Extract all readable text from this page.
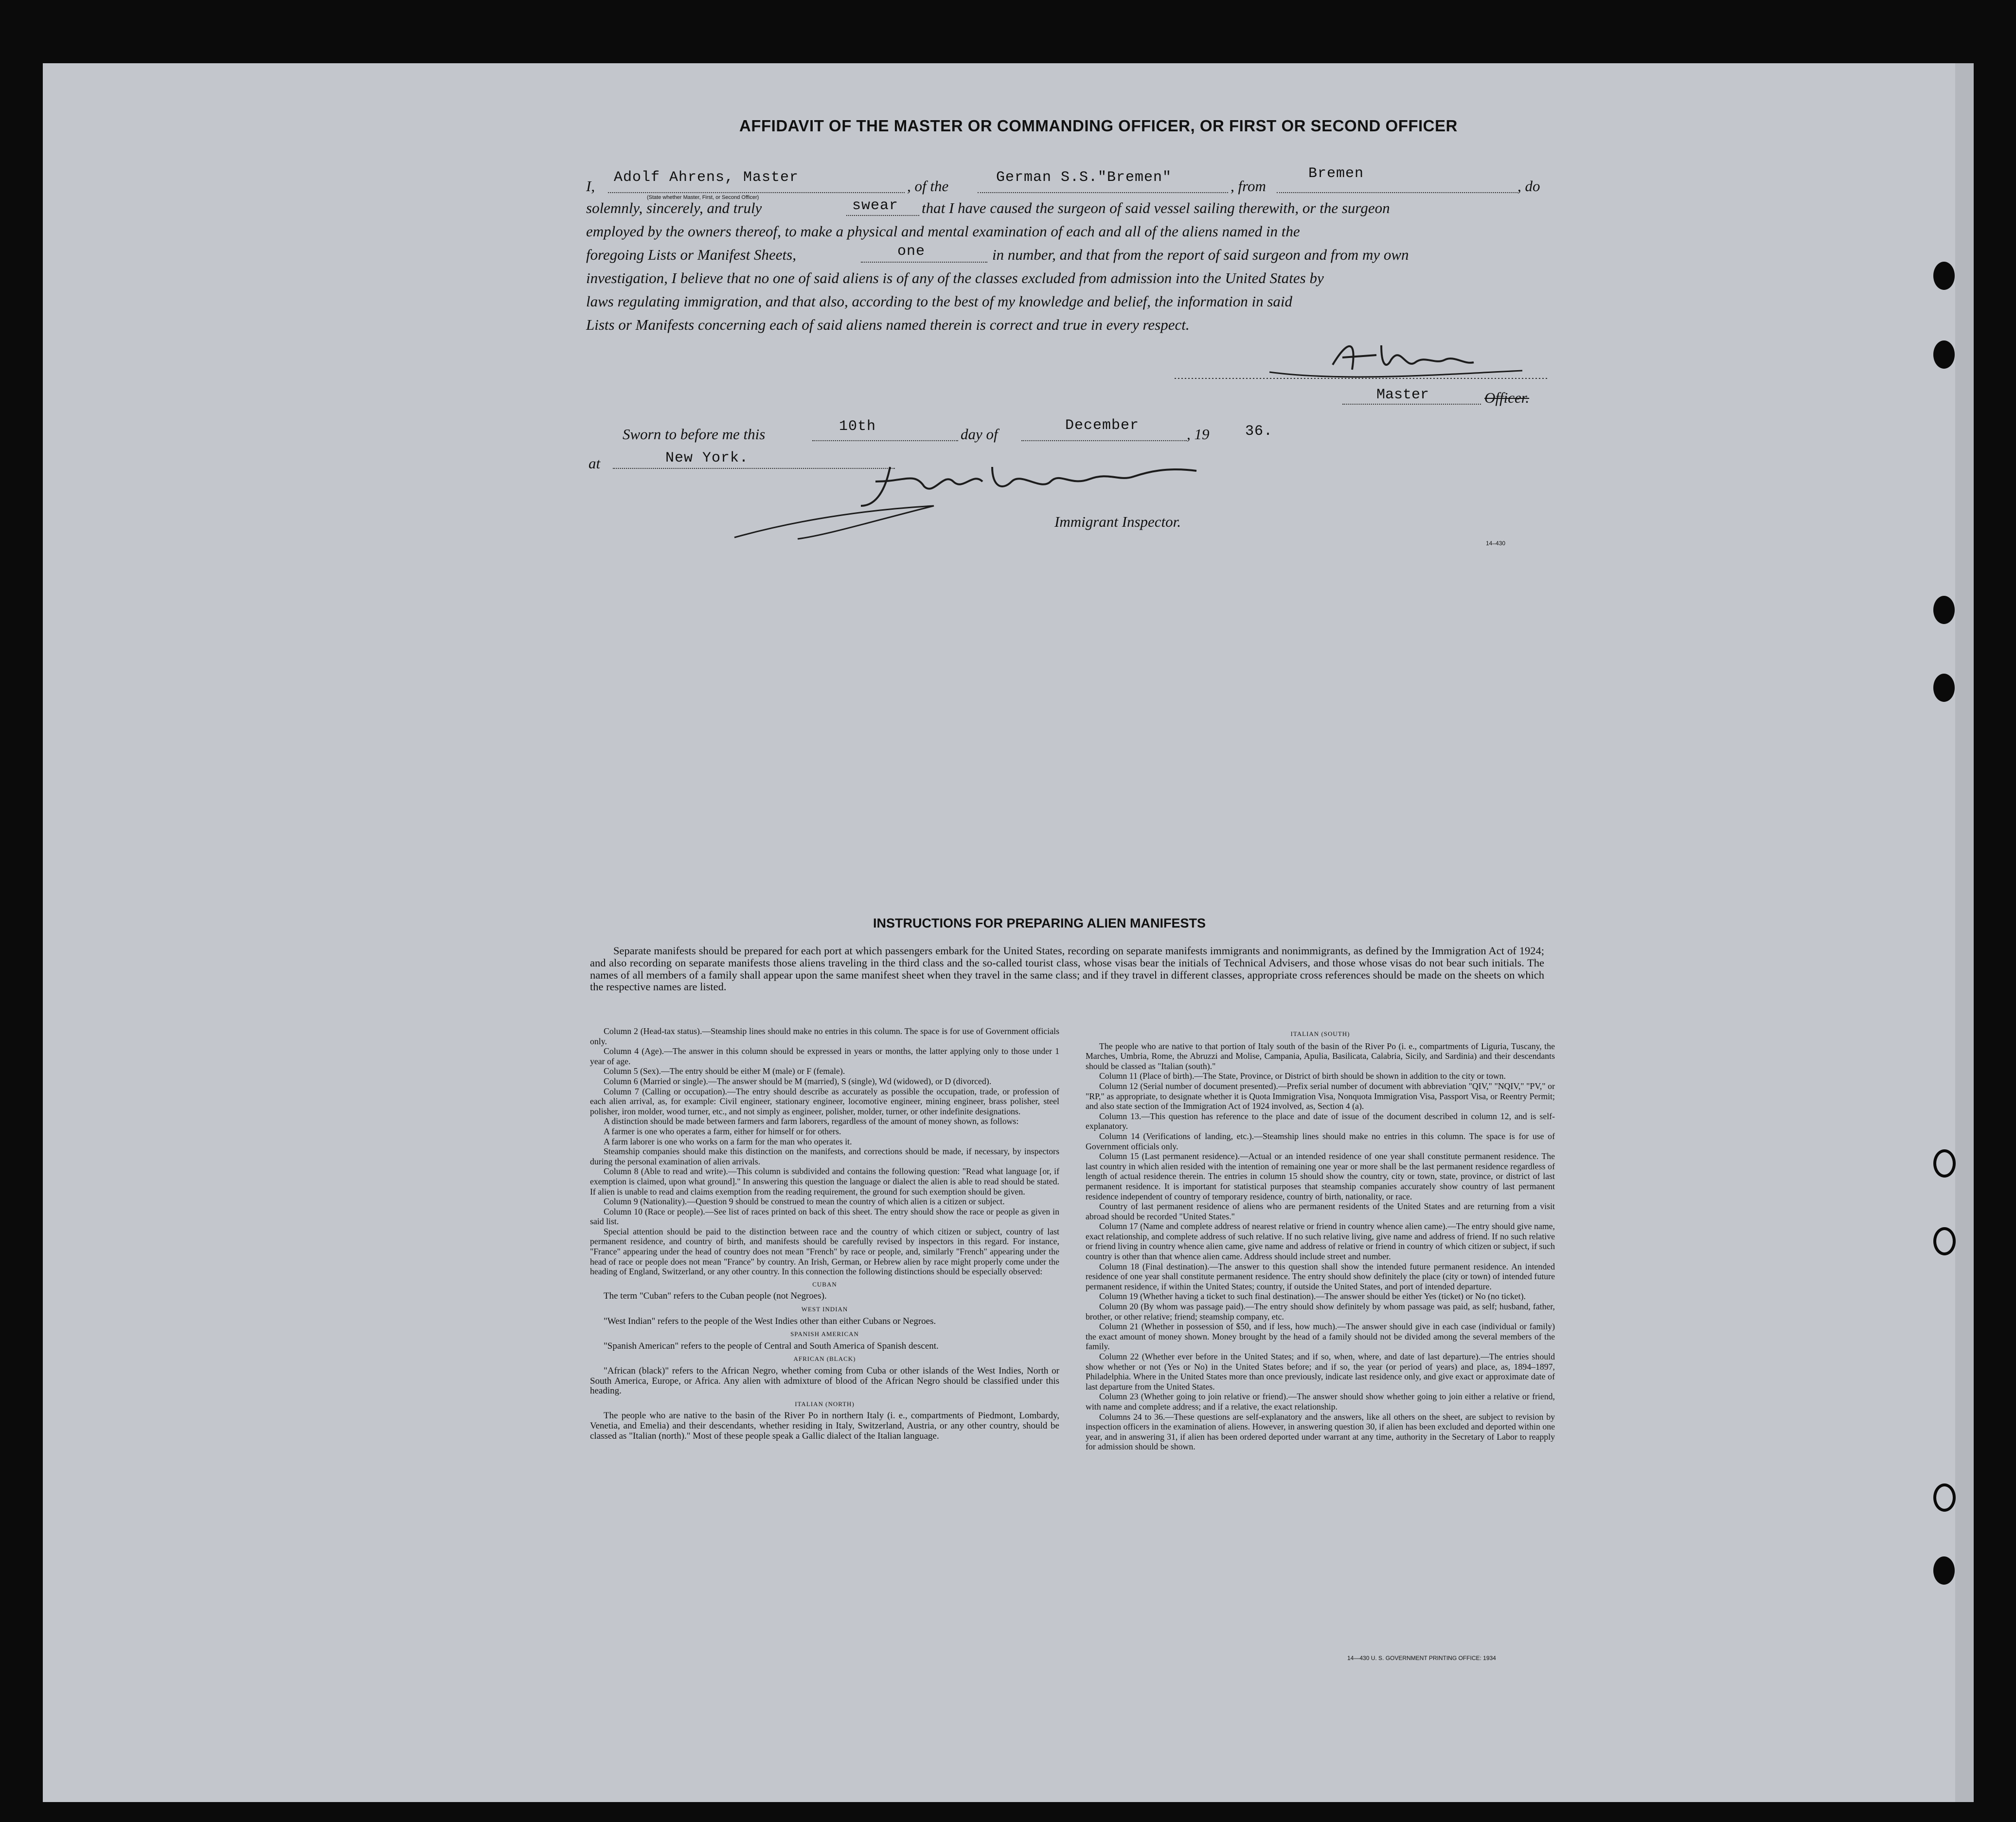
AFFIDAVIT OF THE MASTER OR COMMANDING OFFICER, OR FIRST OR SECOND OFFICER
I, Adolf Ahrens, Master
(State whether Master, First, or Second Officer)
, of the	German S.S."Bremen"	, from
Bremen
, do
solemnly, sincerely, and truly	swear that I have caused the surgeon of said vessel sailing therewith, or the surgeon
employed by the owners thereof, to make a physical and mental examination of each and all of the aliens named in the
foregoing Lists or Manifest Sheets,	one	in number, and that from the report of said surgeon and from my own
investigation, I believe that no one of said aliens is of any of the classes excluded from admission into the United States by
laws regulating immigration, and that also, according to the best of my knowledge and belief, the information in said
Lists or Manifests concerning each of said aliens named therein is correct and true in every respect.
Master	Officer.
Sworn to before me this	10th	day of	December	, 19 36.
at	New York.
Immigrant Inspector.
14–430
INSTRUCTIONS FOR PREPARING ALIEN MANIFESTS
Separate manifests should be prepared for each port at which passengers embark for the United States, recording on separate manifests immigrants and nonimmigrants, as defined by the Immigration Act of 1924; and also recording on separate manifests those aliens traveling in the third class and the so-called tourist class, whose visas bear the initials of Technical Advisers, and those whose visas do not bear such initials. The names of all members of a family shall appear upon the same manifest sheet when they travel in the same class; and if they travel in different classes, appropriate cross references should be made on the sheets on which the respective names are listed.

Column 2 (Head-tax status).—Steamship lines should make no entries in this column. The space is for use of Government officials only.

Column 4 (Age).—The answer in this column should be expressed in years or months, the latter applying only to those under 1 year of age.

Column 5 (Sex).—The entry should be either M (male) or F (female).

Column 6 (Married or single).—The answer should be M (married), S (single), Wd (widowed), or D (divorced).

Column 7 (Calling or occupation).—The entry should describe as accurately as possible the occupation, trade, or profession of each alien arrival, as, for example: Civil engineer, stationary engineer, locomotive engineer, mining engineer, brass polisher, steel polisher, iron molder, wood turner, etc., and not simply as engineer, polisher, molder, turner, or other indefinite designations.

A distinction should be made between farmers and farm laborers, regardless of the amount of money shown, as follows:

A farmer is one who operates a farm, either for himself or for others.

A farm laborer is one who works on a farm for the man who operates it.

Steamship companies should make this distinction on the manifests, and corrections should be made, if necessary, by inspectors during the personal examination of alien arrivals.

Column 8 (Able to read and write).—This column is subdivided and contains the following question: "Read what language [or, if exemption is claimed, upon what ground]." In answering this question the language or dialect the alien is able to read should be stated. If alien is unable to read and claims exemption from the reading requirement, the ground for such exemption should be given.

Column 9 (Nationality).—Question 9 should be construed to mean the country of which alien is a citizen or subject.

Column 10 (Race or people).—See list of races printed on back of this sheet. The entry should show the race or people as given in said list.

Special attention should be paid to the distinction between race and the country of which citizen or subject, country of last permanent residence, and country of birth, and manifests should be carefully revised by inspectors in this regard. For instance, "France" appearing under the head of country does not mean "French" by race or people, and, similarly "French" appearing under the head of race or people does not mean "France" by country. An Irish, German, or Hebrew alien by race might properly come under the heading of England, Switzerland, or any other country. In this connection the following distinctions should be especially observed:

CUBAN

The term "Cuban" refers to the Cuban people (not Negroes).

WEST INDIAN

"West Indian" refers to the people of the West Indies other than either Cubans or Negroes.

SPANISH AMERICAN

"Spanish American" refers to the people of Central and South America of Spanish descent.

AFRICAN (BLACK)

"African (black)" refers to the African Negro, whether coming from Cuba or other islands of the West Indies, North or South America, Europe, or Africa. Any alien with admixture of blood of the African Negro should be classified under this heading.

ITALIAN (NORTH)

The people who are native to the basin of the River Po in northern Italy (i. e., compartments of Piedmont, Lombardy, Venetia, and Emelia) and their descendants, whether residing in Italy, Switzerland, Austria, or any other country, should be classed as "Italian (north)." Most of these people speak a Gallic dialect of the Italian language.

ITALIAN (SOUTH)

The people who are native to that portion of Italy south of the basin of the River Po (i. e., compartments of Liguria, Tuscany, the Marches, Umbria, Rome, the Abruzzi and Molise, Campania, Apulia, Basilicata, Calabria, Sicily, and Sardinia) and their descendants should be classed as "Italian (south)."

Column 11 (Place of birth).—The State, Province, or District of birth should be shown in addition to the city or town.

Column 12 (Serial number of document presented).—Prefix serial number of document with abbreviation "QIV," "NQIV," "PV," or "RP," as appropriate, to designate whether it is Quota Immigration Visa, Nonquota Immigration Visa, Passport Visa, or Reentry Permit; and also state section of the Immigration Act of 1924 involved, as, Section 4 (a).

Column 13.—This question has reference to the place and date of issue of the document described in column 12, and is self-explanatory.

Column 14 (Verifications of landing, etc.).—Steamship lines should make no entries in this column. The space is for use of Government officials only.

Column 15 (Last permanent residence).—Actual or an intended residence of one year shall constitute permanent residence. The last country in which alien resided with the intention of remaining one year or more shall be the last permanent residence regardless of length of actual residence therein. The entries in column 15 should show the country, city or town, state, province, or district of last permanent residence. It is important for statistical purposes that steamship companies accurately show country of last permanent residence independent of country of temporary residence, country of birth, nationality, or race.

Country of last permanent residence of aliens who are permanent residents of the United States and are returning from a visit abroad should be recorded "United States."

Column 17 (Name and complete address of nearest relative or friend in country whence alien came).—The entry should give name, exact relationship, and complete address of such relative. If no such relative living, give name and address of friend. If no such relative or friend living in country whence alien came, give name and address of relative or friend in country of which citizen or subject, if such country is other than that whence alien came. Address should include street and number.

Column 18 (Final destination).—The answer to this question shall show the intended future permanent residence. An intended residence of one year shall constitute permanent residence. The entry should show definitely the place (city or town) of intended future permanent residence, if within the United States; country, if outside the United States, and port of intended departure.

Column 19 (Whether having a ticket to such final destination).—The answer should be either Yes (ticket) or No (no ticket).

Column 20 (By whom was passage paid).—The entry should show definitely by whom passage was paid, as self; husband, father, brother, or other relative; friend; steamship company, etc.

Column 21 (Whether in possession of $50, and if less, how much).—The answer should give in each case (individual or family) the exact amount of money shown. Money brought by the head of a family should not be divided among the several members of the family.

Column 22 (Whether ever before in the United States; and if so, when, where, and date of last departure).—The entries should show whether or not (Yes or No) in the United States before; and if so, the year (or period of years) and place, as, 1894–1897, Philadelphia. Where in the United States more than once previously, indicate last residence only, and give exact or approximate date of last departure from the United States.

Column 23 (Whether going to join relative or friend).—The answer should show whether going to join either a relative or friend, with name and complete address; and if a relative, the exact relationship.

Columns 24 to 36.—These questions are self-explanatory and the answers, like all others on the sheet, are subject to revision by inspection officers in the examination of aliens. However, in answering question 30, if alien has been excluded and deported within one year, and in answering 31, if alien has been ordered deported under warrant at any time, authority in the Secretary of Labor to reapply for admission should be shown.

14—430 U. S. GOVERNMENT PRINTING OFFICE: 1934
